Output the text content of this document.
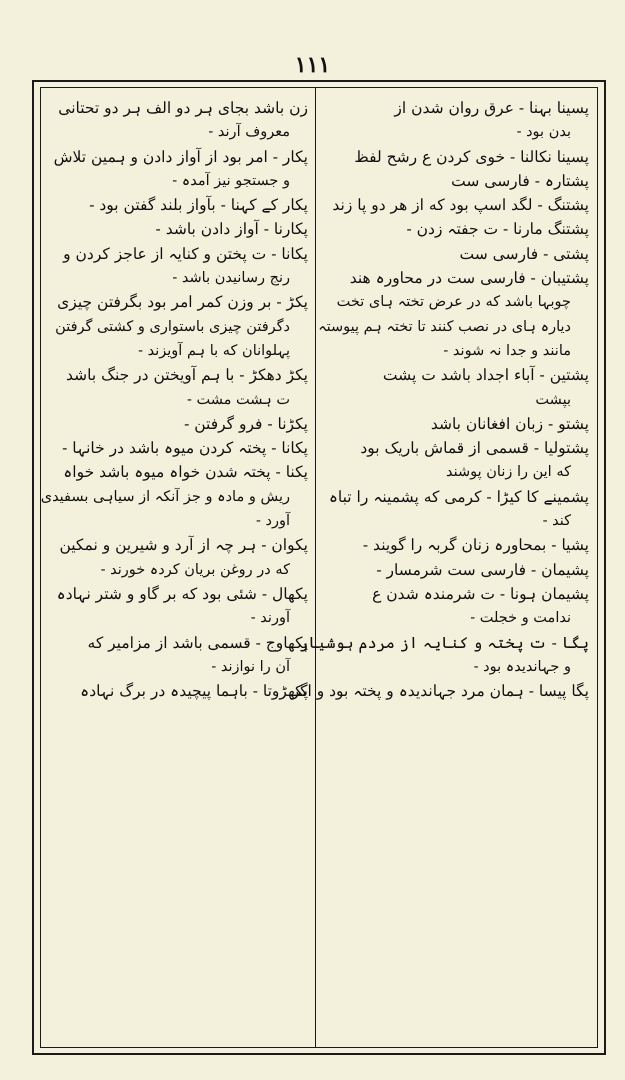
۱۱۱
پسینا بہنا - عرق روان شدن از
بدن بود -
پسینا نکالنا - خوی کردن ع رشح لفظ
پشتارہ - فارسی ست
پشتنگ - لگد اسپ بود که از هر دو پا زند
پشتنگ مارنا - ت جفتہ زدن -
پشتی - فارسی ست
پشتیبان - فارسی ست در محاورہ هند
چوبہا باشد که در عرض تختہ ہای تخت
دیارہ ہای در نصب کنند تا تختہ ہم پیوستہ
مانند و جدا نہ شوند -
پشتین - آباء اجداد باشد ت پشت
بپشت
پشتو - زبان افغانان باشد
پشتولیا - قسمی از قماش باریک بود
که این را زنان پوشند
پشمینے کا کیڑا - کرمی که پشمینہ را تباہ
کند -
پشیا - بمحاورہ زنان گربہ را گویند -
پشیمان - فارسی ست شرمسار -
پشیمان ہونا - ت شرمندہ شدن ع
ندامت و خجلت -
پگا - ت پختہ و کنایہ از مردم ہوشیار
و جہاندیدہ بود -
پگا پیسا - ہمان مرد جہاندیدہ و پختہ بود و اگر
زن باشد بجای ہر دو الف ہر دو تحتانی
معروف آرند -
پکار - امر بود از آواز دادن و ہمین تلاش
و جستجو نیز آمدہ -
پکار کے کہنا - بآواز بلند گفتن بود -
پکارنا - آواز دادن باشد -
پکانا - ت پختن و کنایہ از عاجز کردن و
رنج رسانیدن باشد -
پکڑ - بر وزن کمر امر بود بگرفتن چیزی
دگرفتن چیزی باستواری و کشتی گرفتن
پہلوانان که با ہم آویزند -
پکڑ دھکڑ - با ہم آویختن در جنگ باشد
ت ہشت مشت -
پکڑنا - فرو گرفتن -
پکانا - پختہ کردن میوہ باشد در خانہا -
پکنا - پختہ شدن خواہ میوہ باشد خواہ
ریش و مادہ و جز آنکہ از سیاہی بسفیدی
آورد -
پکوان - ہر چہ از آرد و شیرین و نمکین
که در روغن بریان کردہ خورند -
پکھال - شئی بود که بر گاو و شتر نہادہ
آورند -
پکھاوج - قسمی باشد از مزامیر که
آن را نوازند -
پکھڑوتا - باہما پیچیدہ در برگ نہادہ
